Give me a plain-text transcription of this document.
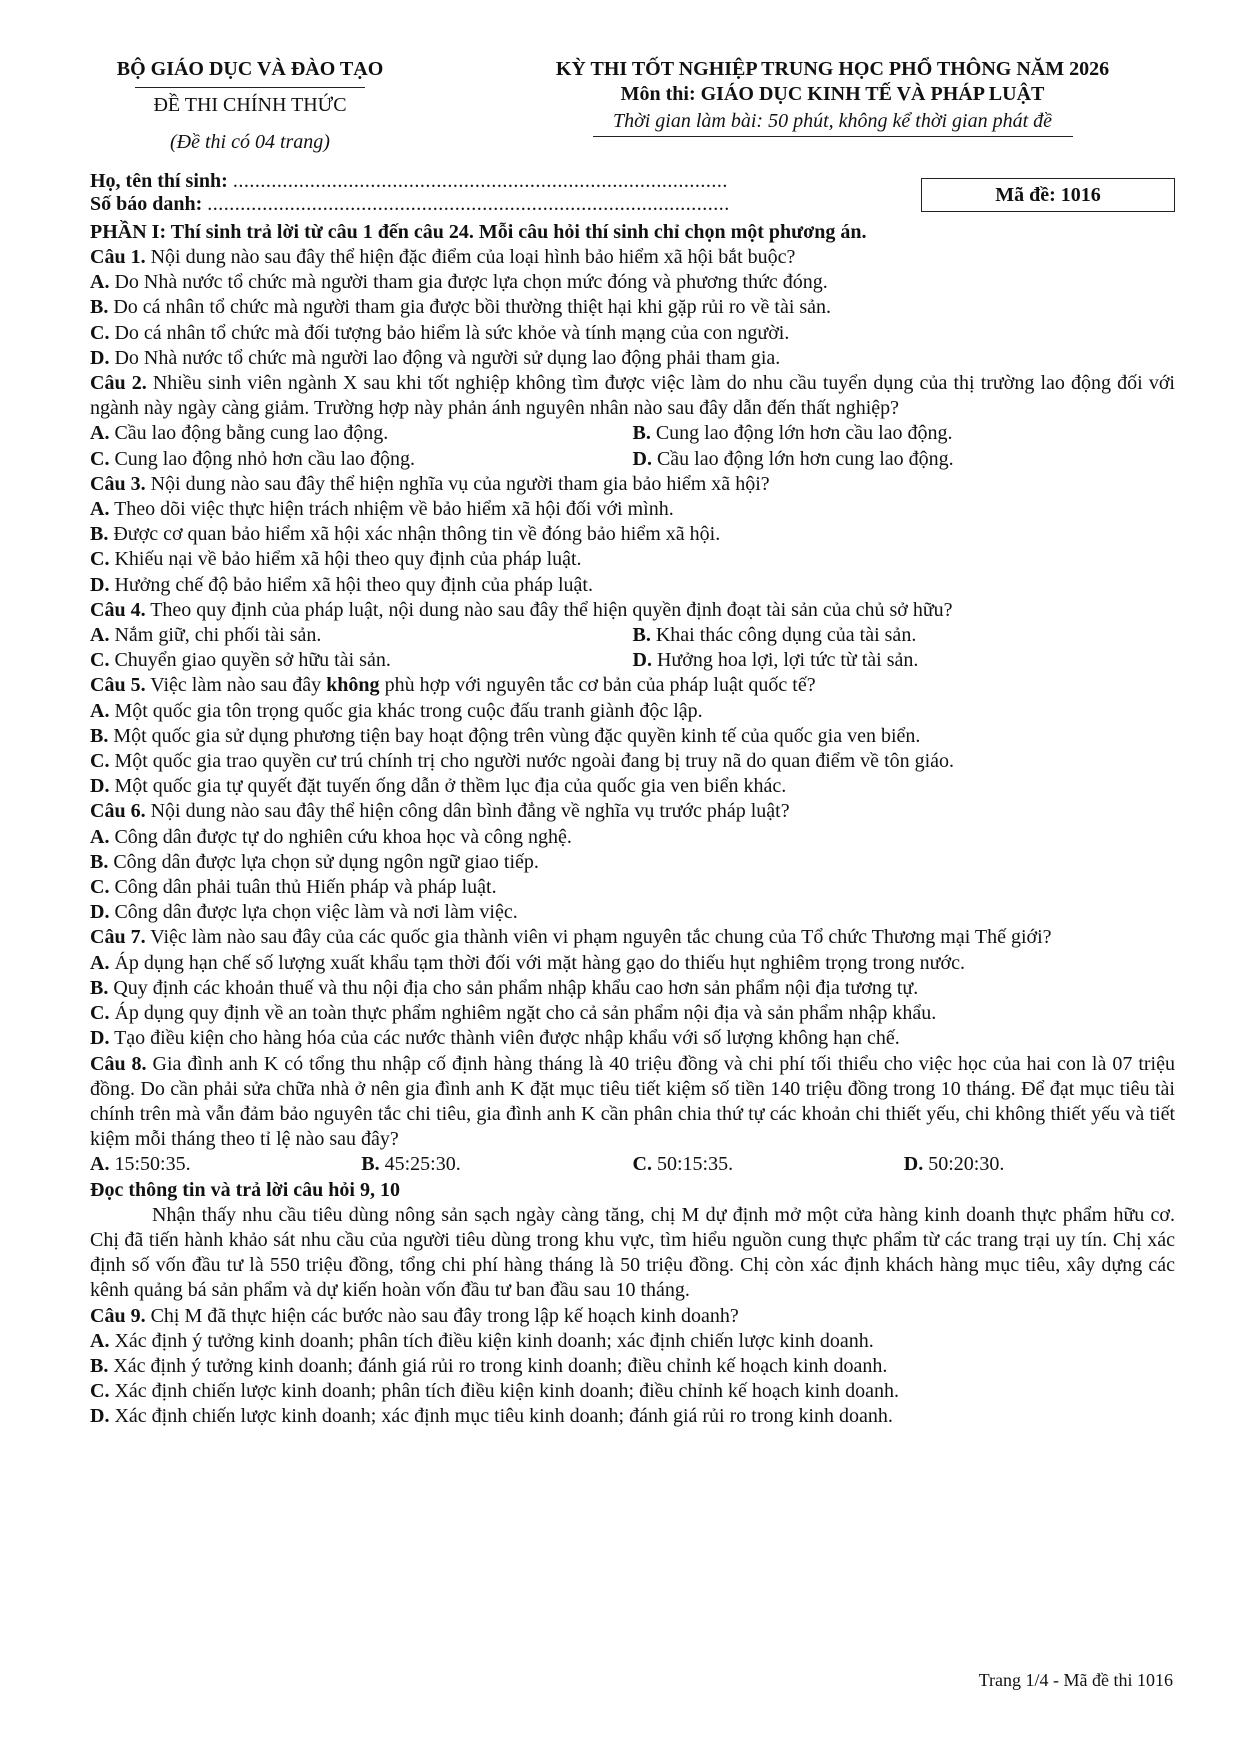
BỘ GIÁO DỤC VÀ ĐÀO TẠO
ĐỀ THI CHÍNH THỨC
(Đề thi có 04 trang)
KỲ THI TỐT NGHIỆP TRUNG HỌC PHỔ THÔNG NĂM 2026
Môn thi: GIÁO DỤC KINH TẾ VÀ PHÁP LUẬT
Thời gian làm bài: 50 phút, không kể thời gian phát đề
Họ, tên thí sinh: ..........................................................................................
Số báo danh: ...............................................................................................	Mã đề: 1016
PHẦN I: Thí sinh trả lời từ câu 1 đến câu 24. Mỗi câu hỏi thí sinh chỉ chọn một phương án.
Câu 1. Nội dung nào sau đây thể hiện đặc điểm của loại hình bảo hiểm xã hội bắt buộc?
A. Do Nhà nước tổ chức mà người tham gia được lựa chọn mức đóng và phương thức đóng.
B. Do cá nhân tổ chức mà người tham gia được bồi thường thiệt hại khi gặp rủi ro về tài sản.
C. Do cá nhân tổ chức mà đối tượng bảo hiểm là sức khỏe và tính mạng của con người.
D. Do Nhà nước tổ chức mà người lao động và người sử dụng lao động phải tham gia.
Câu 2. Nhiều sinh viên ngành X sau khi tốt nghiệp không tìm được việc làm do nhu cầu tuyển dụng của thị trường lao động đối với ngành này ngày càng giảm. Trường hợp này phản ánh nguyên nhân nào sau đây dẫn đến thất nghiệp?
A. Cầu lao động bằng cung lao động.	B. Cung lao động lớn hơn cầu lao động.
C. Cung lao động nhỏ hơn cầu lao động.	D. Cầu lao động lớn hơn cung lao động.
Câu 3. Nội dung nào sau đây thể hiện nghĩa vụ của người tham gia bảo hiểm xã hội?
A. Theo dõi việc thực hiện trách nhiệm về bảo hiểm xã hội đối với mình.
B. Được cơ quan bảo hiểm xã hội xác nhận thông tin về đóng bảo hiểm xã hội.
C. Khiếu nại về bảo hiểm xã hội theo quy định của pháp luật.
D. Hưởng chế độ bảo hiểm xã hội theo quy định của pháp luật.
Câu 4. Theo quy định của pháp luật, nội dung nào sau đây thể hiện quyền định đoạt tài sản của chủ sở hữu?
A. Nắm giữ, chi phối tài sản.	B. Khai thác công dụng của tài sản.
C. Chuyển giao quyền sở hữu tài sản.	D. Hưởng hoa lợi, lợi tức từ tài sản.
Câu 5. Việc làm nào sau đây không phù hợp với nguyên tắc cơ bản của pháp luật quốc tế?
A. Một quốc gia tôn trọng quốc gia khác trong cuộc đấu tranh giành độc lập.
B. Một quốc gia sử dụng phương tiện bay hoạt động trên vùng đặc quyền kinh tế của quốc gia ven biển.
C. Một quốc gia trao quyền cư trú chính trị cho người nước ngoài đang bị truy nã do quan điểm về tôn giáo.
D. Một quốc gia tự quyết đặt tuyến ống dẫn ở thềm lục địa của quốc gia ven biển khác.
Câu 6. Nội dung nào sau đây thể hiện công dân bình đẳng về nghĩa vụ trước pháp luật?
A. Công dân được tự do nghiên cứu khoa học và công nghệ.
B. Công dân được lựa chọn sử dụng ngôn ngữ giao tiếp.
C. Công dân phải tuân thủ Hiến pháp và pháp luật.
D. Công dân được lựa chọn việc làm và nơi làm việc.
Câu 7. Việc làm nào sau đây của các quốc gia thành viên vi phạm nguyên tắc chung của Tổ chức Thương mại Thế giới?
A. Áp dụng hạn chế số lượng xuất khẩu tạm thời đối với mặt hàng gạo do thiếu hụt nghiêm trọng trong nước.
B. Quy định các khoản thuế và thu nội địa cho sản phẩm nhập khẩu cao hơn sản phẩm nội địa tương tự.
C. Áp dụng quy định về an toàn thực phẩm nghiêm ngặt cho cả sản phẩm nội địa và sản phẩm nhập khẩu.
D. Tạo điều kiện cho hàng hóa của các nước thành viên được nhập khẩu với số lượng không hạn chế.
Câu 8. Gia đình anh K có tổng thu nhập cố định hàng tháng là 40 triệu đồng và chi phí tối thiểu cho việc học của hai con là 07 triệu đồng. Do cần phải sửa chữa nhà ở nên gia đình anh K đặt mục tiêu tiết kiệm số tiền 140 triệu đồng trong 10 tháng. Để đạt mục tiêu tài chính trên mà vẫn đảm bảo nguyên tắc chi tiêu, gia đình anh K cần phân chia thứ tự các khoản chi thiết yếu, chi không thiết yếu và tiết kiệm mỗi tháng theo tỉ lệ nào sau đây?
A. 15:50:35.	B. 45:25:30.	C. 50:15:35.	D. 50:20:30.
Đọc thông tin và trả lời câu hỏi 9, 10
Nhận thấy nhu cầu tiêu dùng nông sản sạch ngày càng tăng, chị M dự định mở một cửa hàng kinh doanh thực phẩm hữu cơ. Chị đã tiến hành khảo sát nhu cầu của người tiêu dùng trong khu vực, tìm hiểu nguồn cung thực phẩm từ các trang trại uy tín. Chị xác định số vốn đầu tư là 550 triệu đồng, tổng chi phí hàng tháng là 50 triệu đồng. Chị còn xác định khách hàng mục tiêu, xây dựng các kênh quảng bá sản phẩm và dự kiến hoàn vốn đầu tư ban đầu sau 10 tháng.
Câu 9. Chị M đã thực hiện các bước nào sau đây trong lập kế hoạch kinh doanh?
A. Xác định ý tưởng kinh doanh; phân tích điều kiện kinh doanh; xác định chiến lược kinh doanh.
B. Xác định ý tưởng kinh doanh; đánh giá rủi ro trong kinh doanh; điều chỉnh kế hoạch kinh doanh.
C. Xác định chiến lược kinh doanh; phân tích điều kiện kinh doanh; điều chỉnh kế hoạch kinh doanh.
D. Xác định chiến lược kinh doanh; xác định mục tiêu kinh doanh; đánh giá rủi ro trong kinh doanh.
Trang 1/4 - Mã đề thi 1016
